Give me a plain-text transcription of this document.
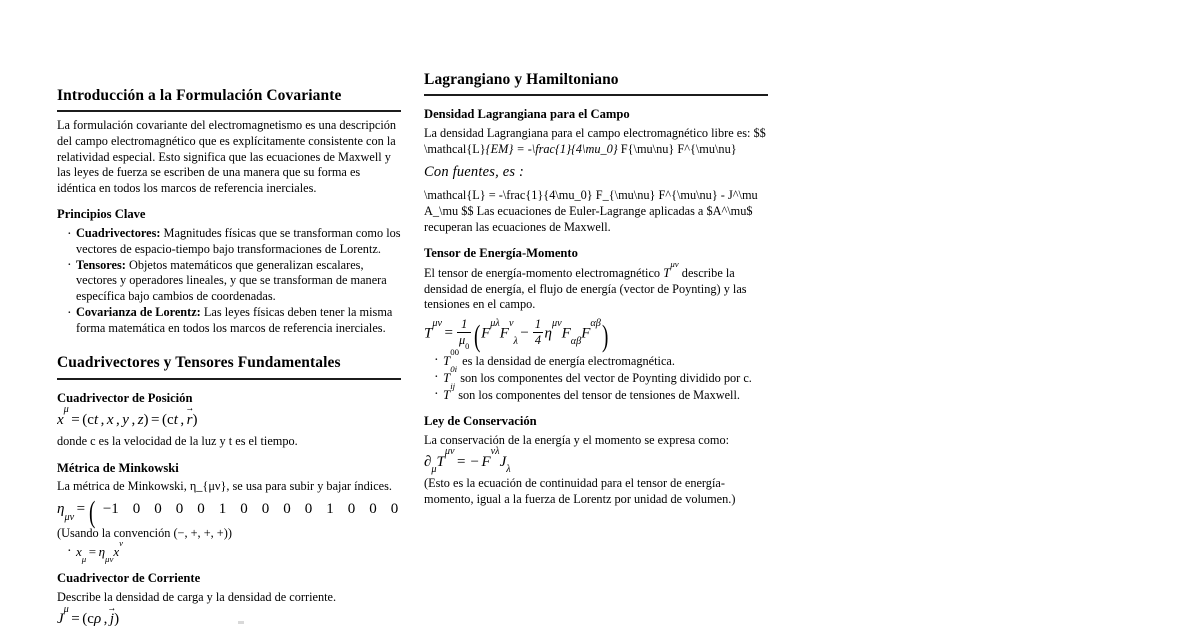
Introducción a la Formulación Covariante

La formulación covariante del electromagnetismo es una descripción del campo electromagnético que es explícitamente consistente con la relatividad especial. Esto significa que las ecuaciones de Maxwell y las leyes de fuerza se escriben de una manera que su forma es idéntica en todos los marcos de referencia inerciales.

Principios Clave
· Cuadrivectores: Magnitudes físicas que se transforman como los vectores de espacio-tiempo bajo transformaciones de Lorentz.
· Tensores: Objetos matemáticos que generalizan escalares, vectores y operadores lineales, y que se transforman de manera específica bajo cambios de coordenadas.
· Covarianza de Lorentz: Las leyes físicas deben tener la misma forma matemática en todos los marcos de referencia inerciales.
Cuadrivectores y Tensores Fundamentales
Cuadrivector de Posición
$x^\mu= (ct$ , x , y , z) = (ct , r →)

donde c es la velocidad de la luz y t es el tiempo.

Métrica de Minkowski

La métrica de Minkowski, η_{μν}, se usa para subir y bajar índices.

$\eta_{\mu\nu}=$ ( −1 0 0 0 0 1 0 0 0 0 1 0 0 0

(Usando la convención (−, +, +, +))

· $x_\mu = \eta_{\mu\nu}x^\nu$
Cuadrivector de Corriente

Describe la densidad de carga y la densidad de corriente.

$J^\mu= (c\rho$ , j →)
Lagrangiano y Hamiltoniano
Densidad Lagrangiana para el Campo

La densidad Lagrangiana para el campo electromagnético libre es: $$ \mathcal{L}{EM} = -\frac{1}{4\mu_0} F{\mu\nu} F^{\mu\nu}

Con fuentes, es :

\mathcal{L} = -\frac{1}{4\mu_0} F_{\mu\nu} F^{\mu\nu} - J^\mu A_\mu $$ Las ecuaciones de Euler-Lagrange aplicadas a $A^\mu$ recuperan las ecuaciones de Maxwell.

Tensor de Energía-Momento

El tensor de energía-momento electromagnético $T^{\mu\nu}$ describe la densidad de energía, el flujo de energía (vector de Poynting) y las tensiones en el campo.

$T^{\mu\nu}= \frac{1}{\mu_0} (F^{\mu\lambda}F^\nu_\lambda- \frac{1}{4} \eta^{\mu\nu}F_{\alpha\beta}F^{\alpha\beta})$
· $T^{00}$ es la densidad de energía electromagnética.
· $T^{0i}$ son los componentes del vector de Poynting dividido por c.
· $T^{ij}$ son los componentes del tensor de tensiones de Maxwell.
Ley de Conservación

La conservación de la energía y el momento se expresa como:

$\partial_\mu T^{\mu\nu}= - F^{\nu\lambda}J_\lambda$

(Esto es la ecuación de continuidad para el tensor de energía-momento, igual a la fuerza de Lorentz por unidad de volumen.)
